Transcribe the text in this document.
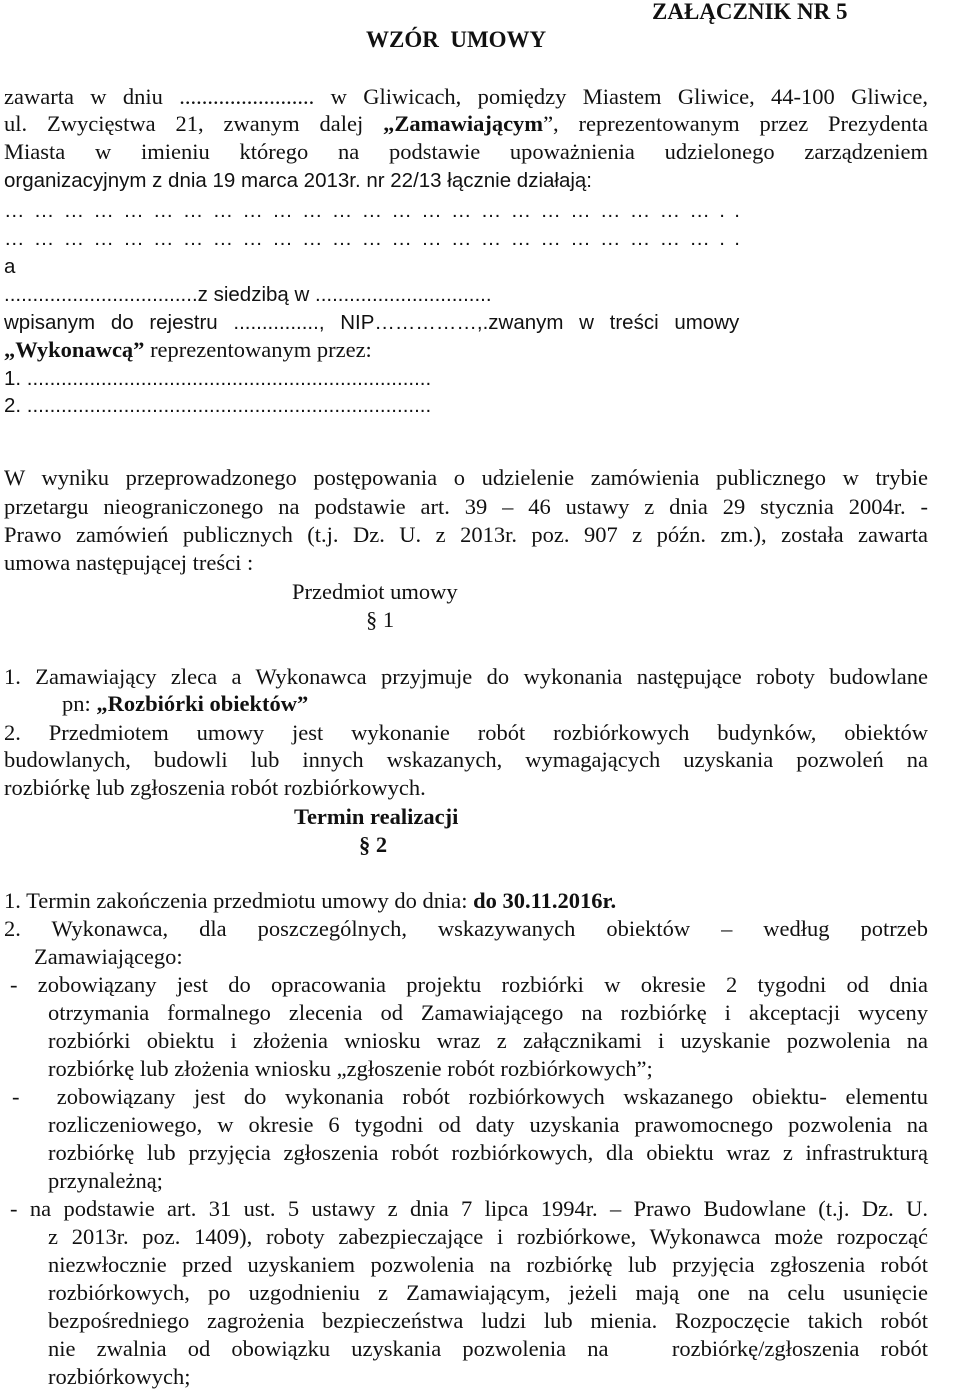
ZAŁĄCZNIK NR 5
WZÓR  UMOWY
zawarta w dniu ........................ w Gliwicach, pomiędzy Miastem Gliwice, 44-100 Gliwice,
ul. Zwycięstwa 21, zwanym dalej „Zamawiającym”, reprezentowanym przez Prezydenta
Miasta w imieniu którego na podstawie upoważnienia udzielonego zarządzeniem
organizacyjnym z dnia 19 marca 2013r. nr 22/13 łącznie działają:
………………………………………………………………..
………………………………………………………………..
a
..................................z siedzibą w ...............................
wpisanym do rejestru ..............., NIP……………,.zwanym w treści umowy
„Wykonawcą” reprezentowanym przez:
1. .......................................................................
2. .......................................................................
W wyniku przeprowadzonego postępowania o udzielenie zamówienia publicznego w trybie
przetargu nieograniczonego na podstawie art. 39 – 46 ustawy z dnia 29 stycznia 2004r. -
Prawo zamówień publicznych (t.j. Dz. U. z 2013r. poz. 907 z późn. zm.), została zawarta
umowa następującej treści :
Przedmiot umowy
§ 1
1. Zamawiający zleca a Wykonawca przyjmuje do wykonania następujące roboty budowlane
pn: „Rozbiórki obiektów”
2. Przedmiotem umowy jest wykonanie robót rozbiórkowych budynków, obiektów
budowlanych, budowli lub innych wskazanych, wymagających uzyskania pozwoleń na
rozbiórkę lub zgłoszenia robót rozbiórkowych.
Termin realizacji
§ 2
1. Termin zakończenia przedmiotu umowy do dnia: do 30.11.2016r.
2. Wykonawca, dla poszczególnych, wskazywanych obiektów – według potrzeb
Zamawiającego:
- zobowiązany jest do opracowania projektu rozbiórki w okresie 2 tygodni od dnia
otrzymania formalnego zlecenia od Zamawiającego na rozbiórkę i akceptacji wyceny
rozbiórki obiektu i złożenia wniosku wraz z załącznikami i uzyskanie pozwolenia na
rozbiórkę lub złożenia wniosku „zgłoszenie robót rozbiórkowych”;
-  zobowiązany jest do wykonania robót rozbiórkowych wskazanego obiektu- elementu
rozliczeniowego, w okresie 6 tygodni od daty uzyskania prawomocnego pozwolenia na
rozbiórkę lub przyjęcia zgłoszenia robót rozbiórkowych, dla obiektu wraz z infrastrukturą
przynależną;
- na podstawie art. 31 ust. 5 ustawy z dnia 7 lipca 1994r. – Prawo Budowlane (t.j. Dz. U.
z 2013r. poz. 1409), roboty zabezpieczające i rozbiórkowe, Wykonawca może rozpocząć
niezwłocznie przed uzyskaniem pozwolenia na rozbiórkę lub przyjęcia zgłoszenia robót
rozbiórkowych, po uzgodnieniu z Zamawiającym, jeżeli mają one na celu usunięcie
bezpośredniego zagrożenia bezpieczeństwa ludzi lub mienia. Rozpoczęcie takich robót
nie zwalnia od obowiązku uzyskania pozwolenia na   rozbiórkę/zgłoszenia robót
rozbiórkowych;
